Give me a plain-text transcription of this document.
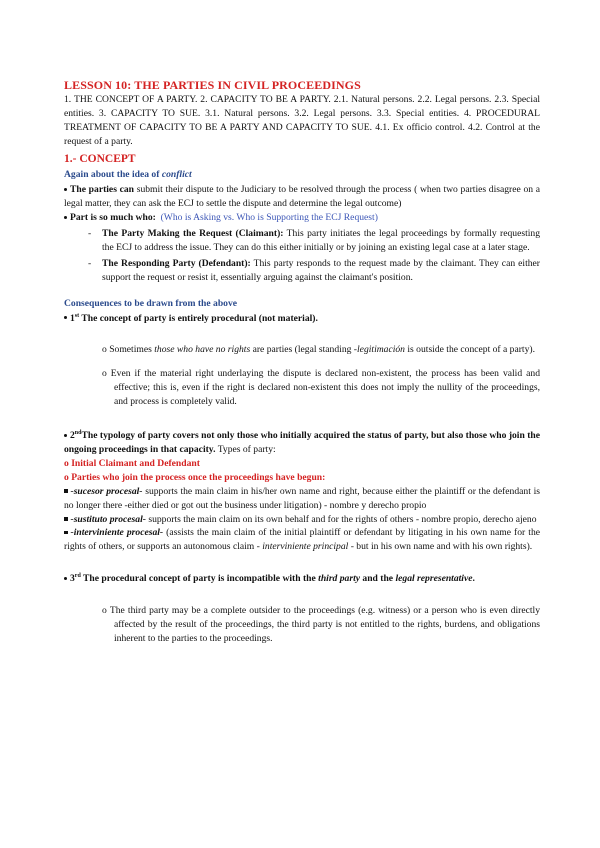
LESSON 10: THE PARTIES IN CIVIL PROCEEDINGS

1. THE CONCEPT OF A PARTY. 2. CAPACITY TO BE A PARTY. 2.1. Natural persons. 2.2. Legal persons. 2.3. Special entities. 3. CAPACITY TO SUE. 3.1. Natural persons. 3.2. Legal persons. 3.3. Special entities. 4. PROCEDURAL TREATMENT OF CAPACITY TO BE A PARTY AND CAPACITY TO SUE. 4.1. Ex officio control. 4.2. Control at the request of a party.

1.- CONCEPT
Again about the idea of conflict

The parties can submit their dispute to the Judiciary to be resolved through the process ( when two parties disagree on a legal matter, they can ask the ECJ to settle the dispute and determine the legal outcome)

Part is so much who: (Who is Asking vs. Who is Supporting the ECJ Request)

-	The Party Making the Request (Claimant): This party initiates the legal proceedings by formally requesting the ECJ to address the issue. They can do this either initially or by joining an existing legal case at a later stage.
-	The Responding Party (Defendant): This party responds to the request made by the claimant. They can either support the request or resist it, essentially arguing against the claimant's position.
Consequences to be drawn from the above

1st The concept of party is entirely procedural (not material).

o Sometimes those who have no rights are parties (legal standing -legitimación is outside the concept of a party).
o Even if the material right underlaying the dispute is declared non-existent, the process has been valid and effective; this is, even if the right is declared non-existent this does not imply the nullity of the proceedings, and process is completely valid.

2ndThe typology of party covers not only those who initially acquired the status of party, but also those who join the ongoing proceedings in that capacity. Types of party:

o Initial Claimant and Defendant

o Parties who join the process once the proceedings have begun:

-sucesor procesal- supports the main claim in his/her own name and right, because either the plaintiff or the defendant is no longer there -either died or got out the business under litigation) - nombre y derecho propio

-sustituto procesal- supports the main claim on its own behalf and for the rights of others - nombre propio, derecho ajeno

-interviniente procesal- (assists the main claim of the initial plaintiff or defendant by litigating in his own name for the rights of others, or supports an autonomous claim - interviniente principal - but in his own name and with his own rights).

3rd The procedural concept of party is incompatible with the third party and the legal representative.

o The third party may be a complete outsider to the proceedings (e.g. witness) or a person who is even directly affected by the result of the proceedings, the third party is not entitled to the rights, burdens, and obligations inherent to the parties to the proceedings.
